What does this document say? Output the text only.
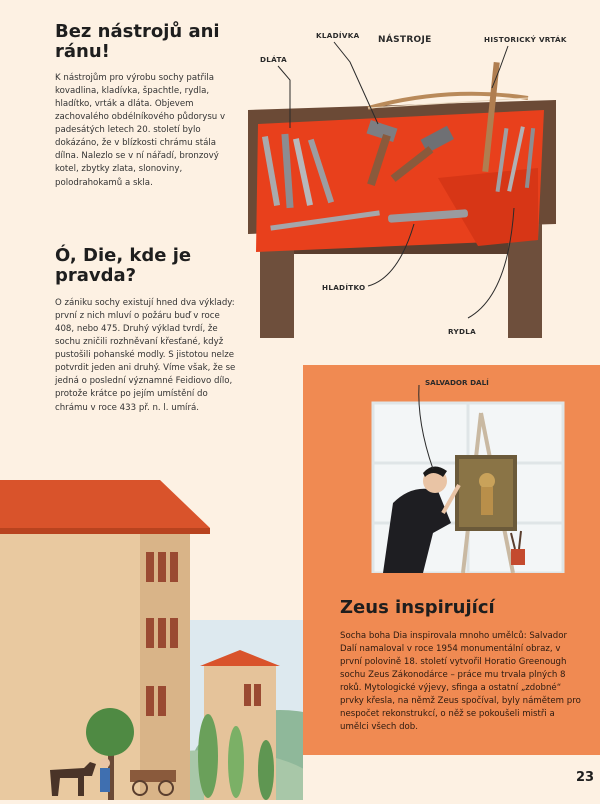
Bez nástrojů ani ránu!

K nástrojům pro výrobu sochy patřila kovadlina, kladívka, špachtle, rydla, hladítko, vrták a dláta. Objevem zachovalého obdélníkového půdorysu v padesátých letech 20. století bylo dokázáno, že v blízkosti chrámu stála dílna. Nalezlo se v ní nářadí, bronzový kotel, zbytky zlata, slonoviny, polodrahokamů a skla.

Ó, Die, kde je pravda?

O zániku sochy existují hned dva výklady: první z nich mluví o požáru buď v roce 408, nebo 475. Druhý výklad tvrdí, že sochu zničili rozhněvaní křesťané, když pustošili pohanské modly. S jistotou nelze potvrdit jeden ani druhý. Víme však, že se jedná o poslední významné Feidiovo dílo, protože krátce po jejím umístění do chrámu v roce 433 př. n. l. umírá.

KLADÍVKA NÁSTROJE	HISTORICKÝ VRTÁK
DLÁTA
HLADÍTKO
RYDLA
SALVADOR DALÍ
Zeus inspirující

Socha boha Dia inspirovala mnoho umělců: Salvador Dalí namaloval v roce 1954 monumentální obraz, v první polovině 18. století vytvořil Horatio Greenough sochu Zeus Zákonodárce – práce mu trvala plných 8 roků. Mytologické výjevy, sfinga a ostatní „zdobné“ prvky křesla, na němž Zeus spočíval, byly námětem pro nespočet rekonstrukcí, o něž se pokoušeli mistři a umělci všech dob.

23
